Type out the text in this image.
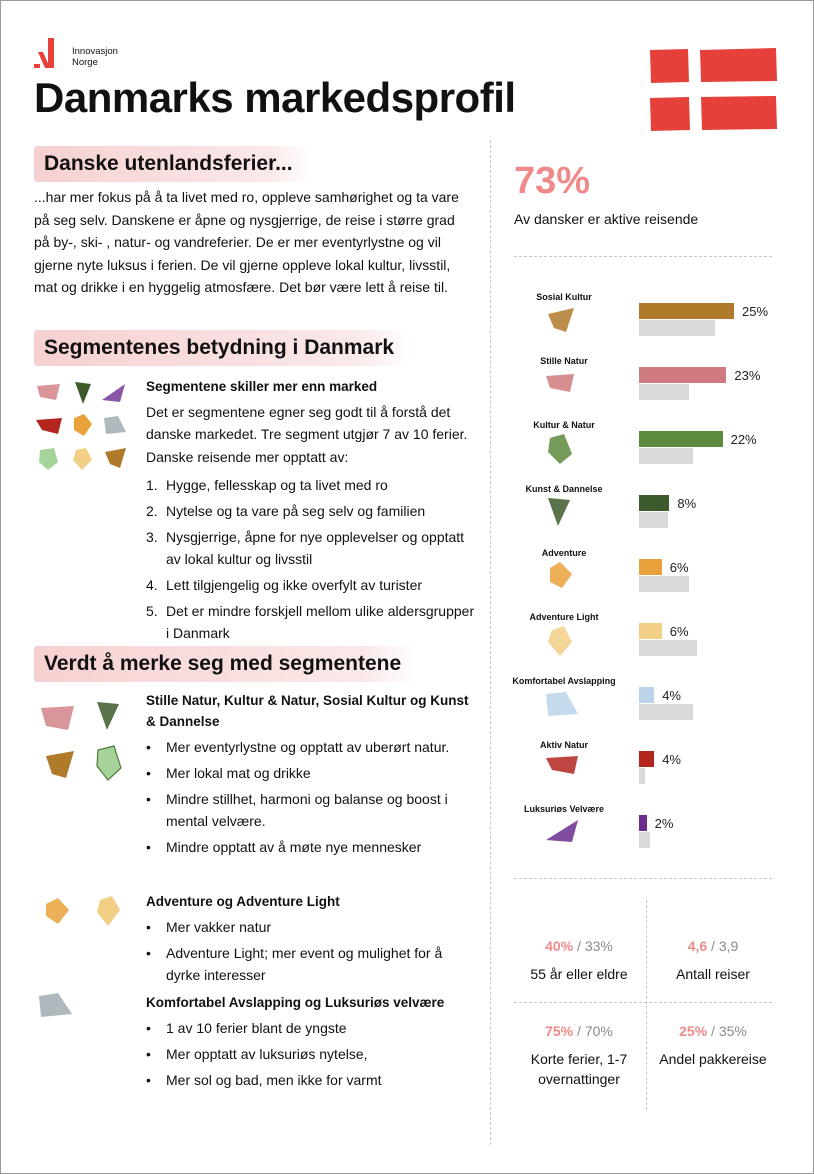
Innovasjon
Norge
Danmarks markedsprofil
Danske utenlandsferier...

...har mer fokus på å ta livet med ro, oppleve samhørighet og ta vare på seg selv. Danskene er åpne og nysgjerrige, de reise i større grad på by-, ski- , natur- og vandreferier. De er mer eventyrlystne og vil gjerne nyte luksus i ferien. De vil gjerne oppleve lokal kultur, livsstil, mat og drikke i en hyggelig atmosfære. Det bør være lett å reise til.

Segmentenes betydning i Danmark

Segmentene skiller mer enn marked

Det er segmentene egner seg godt til å forstå det danske markedet. Tre segment utgjør 7 av 10 ferier. Danske reisende mer opptatt av:

1. Hygge, fellesskap og ta livet med ro
2. Nytelse og ta vare på seg selv og familien
3. Nysgjerrige, åpne for nye opplevelser og opptatt av lokal kultur og livsstil
4. Lett tilgjengelig og ikke overfylt av turister
5. Det er mindre forskjell mellom ulike aldersgrupper i Danmark
Verdt å merke seg med segmentene

Stille Natur, Kultur & Natur, Sosial Kultur og Kunst & Dannelse

• Mer eventyrlystne og opptatt av uberørt natur.
• Mer lokal mat og drikke
• Mindre stillhet, harmoni og balanse og boost i mental velvære.
• Mindre opptatt av å møte nye mennesker

Adventure og Adventure Light

• Mer vakker natur
• Adventure Light; mer event og mulighet for å dyrke interesser

Komfortabel Avslapping og Luksuriøs velvære

• 1 av 10 ferier blant de yngste
• Mer opptatt av luksuriøs nytelse,
• Mer sol og bad, men ikke for varmt
73%
Av dansker er aktive reisende
Sosial Kultur
25%
Stille Natur
23%
Kultur & Natur
22%
Kunst & Dannelse
8%
Adventure
6%
Adventure Light
6%
Komfortabel Avslapping
4%
Aktiv Natur
4%
Luksuriøs Velvære
2%
40% / 33%
55 år eller eldre
4,6 / 3,9
Antall reiser
75% / 70%
Korte ferier, 1-7 overnattinger
25% / 35%
Andel pakkereise
